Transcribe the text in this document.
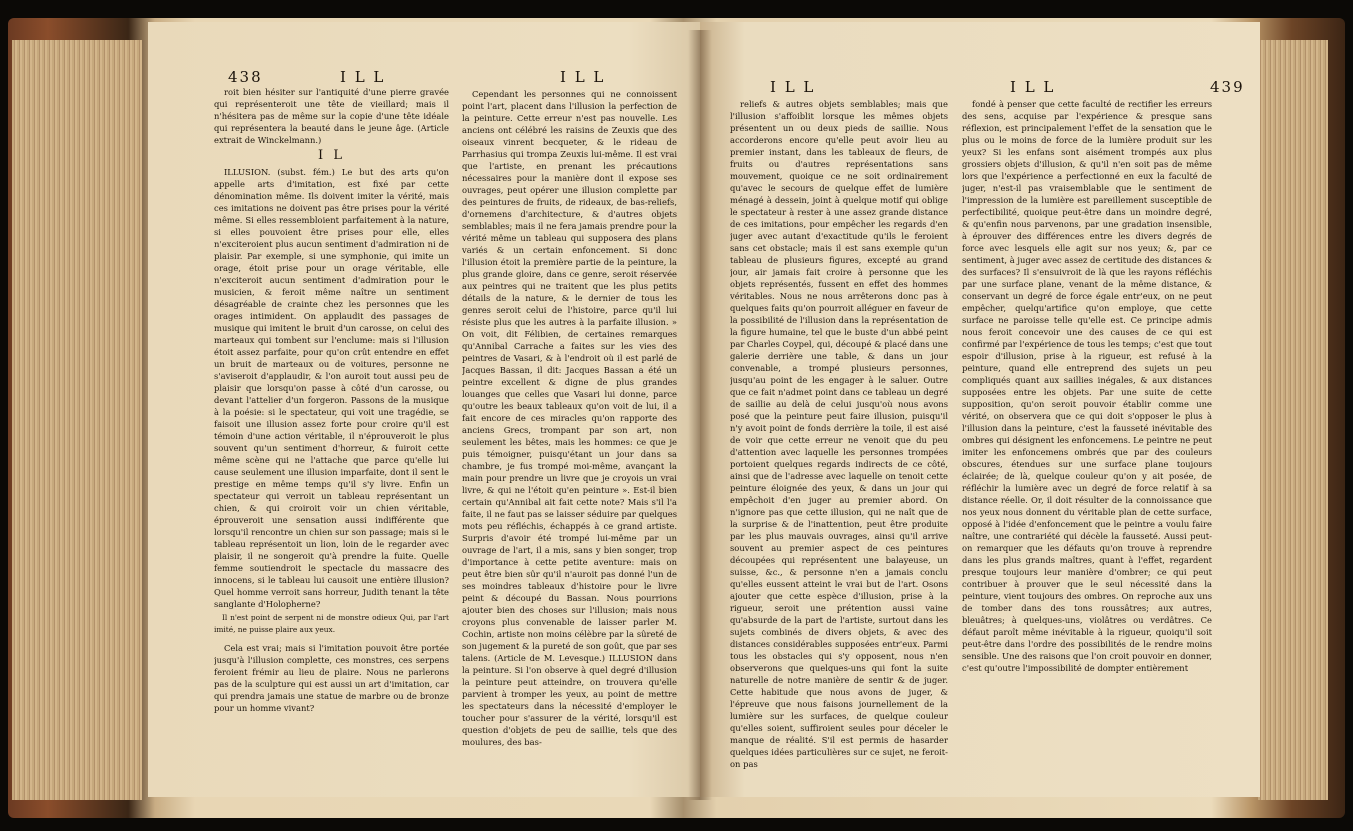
438	I L L	I L L

roit bien hésiter sur l'antiquité d'une pierre gravée qui représenteroit une tête de vieillard; mais il n'hésitera pas de même sur la copie d'une tête idéale qui représentera la beauté dans le jeune âge. (Article extrait de Winckelmann.)

I L

ILLUSION. (subst. fém.) Le but des arts qu'on appelle arts d'imitation, est fixé par cette dénomination même. Ils doivent imiter la vérité, mais ces imitations ne doivent pas être prises pour la vérité même. Si elles ressembloient parfaitement à la nature, si elles pouvoient être prises pour elle, elles n'exciteroient plus aucun sentiment d'admiration ni de plaisir. Par exemple, si une symphonie, qui imite un orage, étoit prise pour un orage véritable, elle n'exciteroit aucun sentiment d'admiration pour le musicien, & feroit même naître un sentiment désagréable de crainte chez les personnes que les orages intimident. On applaudit des passages de musique qui imitent le bruit d'un carosse, on celui des marteaux qui tombent sur l'enclume: mais si l'illusion étoit assez parfaite, pour qu'on crût entendre en effet un bruit de marteaux ou de voitures, personne ne s'aviseroit d'applaudir, & l'on auroit tout aussi peu de plaisir que lorsqu'on passe à côté d'un carosse, ou devant l'attelier d'un forgeron. Passons de la musique à la poésie: si le spectateur, qui voit une tragédie, se faisoit une illusion assez forte pour croire qu'il est témoin d'une action véritable, il n'éprouveroit le plus souvent qu'un sentiment d'horreur, & fuiroit cette même scène qui ne l'attache que parce qu'elle lui cause seulement une illusion imparfaite, dont il sent le prestige en même temps qu'il s'y livre. Enfin un spectateur qui verroit un tableau représentant un chien, & qui croiroit voir un chien véritable, éprouveroit une sensation aussi indifférente que lorsqu'il rencontre un chien sur son passage; mais si le tableau représentoit un lion, loin de le regarder avec plaisir, il ne songeroit qu'à prendre la fuite. Quelle femme soutiendroit le spectacle du massacre des innocens, si le tableau lui causoit une entière illusion? Quel homme verroit sans horreur, Judith tenant la tête sanglante d'Holopherne?

Il n'est point de serpent ni de monstre odieux Qui, par l'art imité, ne puisse plaire aux yeux.

Cela est vrai; mais si l'imitation pouvoit être portée jusqu'à l'illusion complette, ces monstres, ces serpens feroient frémir au lieu de plaire. Nous ne parlerons pas de la sculpture qui est aussi un art d'imitation, car qui prendra jamais une statue de marbre ou de bronze pour un homme vivant?

Cependant les personnes qui ne connoissent point l'art, placent dans l'illusion la perfection de la peinture. Cette erreur n'est pas nouvelle. Les anciens ont célébré les raisins de Zeuxis que des oiseaux vinrent becqueter, & le rideau de Parrhasius qui trompa Zeuxis lui-même. Il est vrai que l'artiste, en prenant les précautions nécessaires pour la manière dont il expose ses ouvrages, peut opérer une illusion complette par des peintures de fruits, de rideaux, de bas-reliefs, d'ornemens d'architecture, & d'autres objets semblables; mais il ne fera jamais prendre pour la vérité même un tableau qui supposera des plans variés & un certain enfoncement. Si donc l'illusion étoit la première partie de la peinture, la plus grande gloire, dans ce genre, seroit réservée aux peintres qui ne traitent que les plus petits détails de la nature, & le dernier de tous les genres seroit celui de l'histoire, parce qu'il lui résiste plus que les autres à la parfaite illusion. » On voit, dit Félibien, de certaines remarques qu'Annibal Carrache a faites sur les vies des peintres de Vasari, & à l'endroit où il est parlé de Jacques Bassan, il dit: Jacques Bassan a été un peintre excellent & digne de plus grandes louanges que celles que Vasari lui donne, parce qu'outre les beaux tableaux qu'on voit de lui, il a fait encore de ces miracles qu'on rapporte des anciens Grecs, trompant par son art, non seulement les bêtes, mais les hommes: ce que je puis témoigner, puisqu'étant un jour dans sa chambre, je fus trompé moi-même, avançant la main pour prendre un livre que je croyois un vrai livre, & qui ne l'étoit qu'en peinture ». Est-il bien certain qu'Annibal ait fait cette note? Mais s'il l'a faite, il ne faut pas se laisser séduire par quelques mots peu réfléchis, échappés à ce grand artiste. Surpris d'avoir été trompé lui-même par un ouvrage de l'art, il a mis, sans y bien songer, trop d'importance à cette petite aventure: mais on peut être bien sûr qu'il n'auroit pas donné l'un de ses moindres tableaux d'histoire pour le livre peint & découpé du Bassan. Nous pourrions ajouter bien des choses sur l'illusion; mais nous croyons plus convenable de laisser parler M. Cochin, artiste non moins célèbre par la sûreté de son jugement & la pureté de son goût, que par ses talens. (Article de M. Levesque.) ILLUSION dans la peinture. Si l'on observe à quel degré d'illusion la peinture peut atteindre, on trouvera qu'elle parvient à tromper les yeux, au point de mettre les spectateurs dans la nécessité d'employer le toucher pour s'assurer de la vérité, lorsqu'il est question d'objets de peu de saillie, tels que des moulures, des bas-

I L L	I L L	439

reliefs & autres objets semblables; mais que l'illusion s'affoiblit lorsque les mêmes objets présentent un ou deux pieds de saillie. Nous accorderons encore qu'elle peut avoir lieu au premier instant, dans les tableaux de fleurs, de fruits ou d'autres représentations sans mouvement, quoique ce ne soit ordinairement qu'avec le secours de quelque effet de lumière ménagé à dessein, joint à quelque motif qui oblige le spectateur à rester à une assez grande distance de ces imitations, pour empêcher les regards d'en juger avec autant d'exactitude qu'ils le feroient sans cet obstacle; mais il est sans exemple qu'un tableau de plusieurs figures, excepté au grand jour, air jamais fait croire à personne que les objets représentés, fussent en effet des hommes véritables. Nous ne nous arrêterons donc pas à quelques faits qu'on pourroit alléguer en faveur de la possibilité de l'illusion dans la représentation de la figure humaine, tel que le buste d'un abbé peint par Charles Coypel, qui, découpé & placé dans une galerie derrière une table, & dans un jour convenable, a trompé plusieurs personnes, jusqu'au point de les engager à le saluer. Outre que ce fait n'admet point dans ce tableau un degré de saillie au delà de celui jusqu'où nous avons posé que la peinture peut faire illusion, puisqu'il n'y avoit point de fonds derrière la toile, il est aisé de voir que cette erreur ne venoit que du peu d'attention avec laquelle les personnes trompées portoient quelques regards indirects de ce côté, ainsi que de l'adresse avec laquelle on tenoit cette peinture éloignée des yeux, & dans un jour qui empêchoit d'en juger au premier abord. On n'ignore pas que cette illusion, qui ne naît que de la surprise & de l'inattention, peut être produite par les plus mauvais ouvrages, ainsi qu'il arrive souvent au premier aspect de ces peintures découpées qui représentent une balayeuse, un suisse, &c., & personne n'en a jamais conclu qu'elles eussent atteint le vrai but de l'art. Osons ajouter que cette espèce d'illusion, prise à la rigueur, seroit une prétention aussi vaine qu'absurde de la part de l'artiste, surtout dans les sujets combinés de divers objets, & avec des distances considérables supposées entr'eux. Parmi tous les obstacles qui s'y opposent, nous n'en observerons que quelques-uns qui font la suite naturelle de notre manière de sentir & de juger. Cette habitude que nous avons de juger, & l'épreuve que nous faisons journellement de la lumière sur les surfaces, de quelque couleur qu'elles soient, suffiroient seules pour déceler le manque de réalité. S'il est permis de hasarder quelques idées particulières sur ce sujet, ne feroit-on pas

fondé à penser que cette faculté de rectifier les erreurs des sens, acquise par l'expérience & presque sans réflexion, est principalement l'effet de la sensation que le plus ou le moins de force de la lumière produit sur les yeux? Si les enfans sont aisément trompés aux plus grossiers objets d'illusion, & qu'il n'en soit pas de même lors que l'expérience a perfectionné en eux la faculté de juger, n'est-il pas vraisemblable que le sentiment de l'impression de la lumière est pareillement susceptible de perfectibilité, quoique peut-être dans un moindre degré, & qu'enfin nous parvenons, par une gradation insensible, à éprouver des différences entre les divers degrés de force avec lesquels elle agit sur nos yeux; &, par ce sentiment, à juger avec assez de certitude des distances & des surfaces? Il s'ensuivroit de là que les rayons réfléchis par une surface plane, venant de la même distance, & conservant un degré de force égale entr'eux, on ne peut empêcher, quelqu'artifice qu'on employe, que cette surface ne paroisse telle qu'elle est. Ce principe admis nous feroit concevoir une des causes de ce qui est confirmé par l'expérience de tous les temps; c'est que tout espoir d'illusion, prise à la rigueur, est refusé à la peinture, quand elle entreprend des sujets un peu compliqués quant aux saillies inégales, & aux distances supposées entre les objets. Par une suite de cette supposition, qu'on seroit pouvoir établir comme une vérité, on observera que ce qui doit s'opposer le plus à l'illusion dans la peinture, c'est la fausseté inévitable des ombres qui désignent les enfoncemens. Le peintre ne peut imiter les enfoncemens ombrés que par des couleurs obscures, étendues sur une surface plane toujours éclairée; de là, quelque couleur qu'on y ait posée, de réfléchir la lumière avec un degré de force relatif à sa distance réelle. Or, il doit résulter de la connoissance que nos yeux nous donnent du véritable plan de cette surface, opposé à l'idée d'enfoncement que le peintre a voulu faire naître, une contrariété qui décèle la fausseté. Aussi peut-on remarquer que les défauts qu'on trouve à reprendre dans les plus grands maîtres, quant à l'effet, regardent presque toujours leur manière d'ombrer; ce qui peut contribuer à prouver que le seul nécessité dans la peinture, vient toujours des ombres. On reproche aux uns de tomber dans des tons roussâtres; aux autres, bleuâtres; à quelques-uns, violâtres ou verdâtres. Ce défaut paroît même inévitable à la rigueur, quoiqu'il soit peut-être dans l'ordre des possibilités de le rendre moins sensible. Une des raisons que l'on croit pouvoir en donner, c'est qu'outre l'impossibilité de dompter entièrement
